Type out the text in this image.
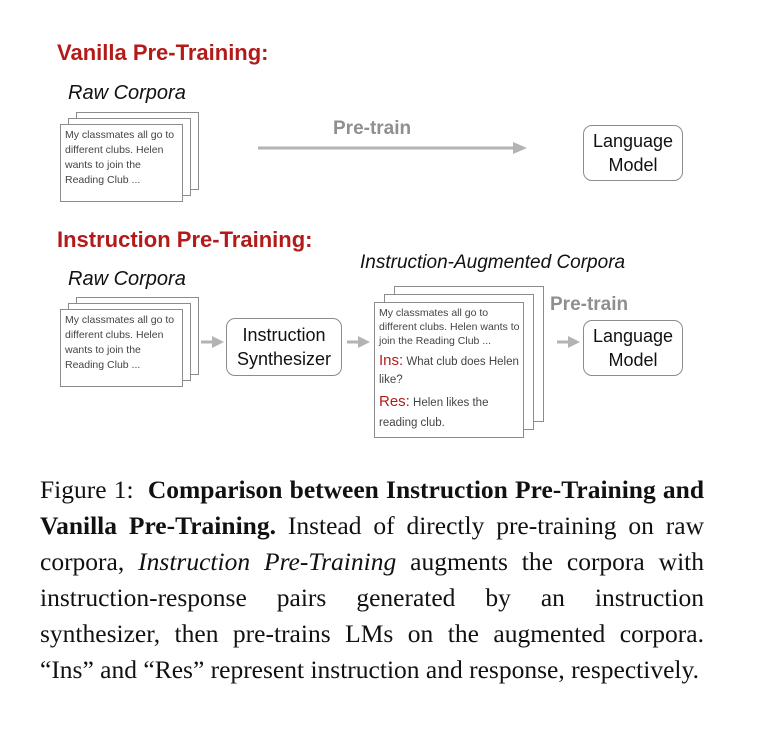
Vanilla Pre-Training:
Raw Corpora
My classmates all go to different clubs. Helen wants to join the Reading Club ...
Pre-train
Language
Model
Instruction Pre-Training:
Instruction-Augmented Corpora
Raw Corpora
My classmates all go to different clubs. Helen wants to join the Reading Club ...
Instruction
Synthesizer
My classmates all go to different clubs. Helen wants to join the Reading Club ...
Ins: What club does Helen like?
Res: Helen likes the reading club.
Pre-train
Language
Model
Figure 1: Comparison between Instruction Pre-Training and Vanilla Pre-Training. Instead of directly pre-training on raw corpora, Instruction Pre-Training augments the corpora with instruction-response pairs generated by an instruction synthesizer, then pre-trains LMs on the augmented corpora. “Ins” and “Res” represent instruction and response, respectively.
